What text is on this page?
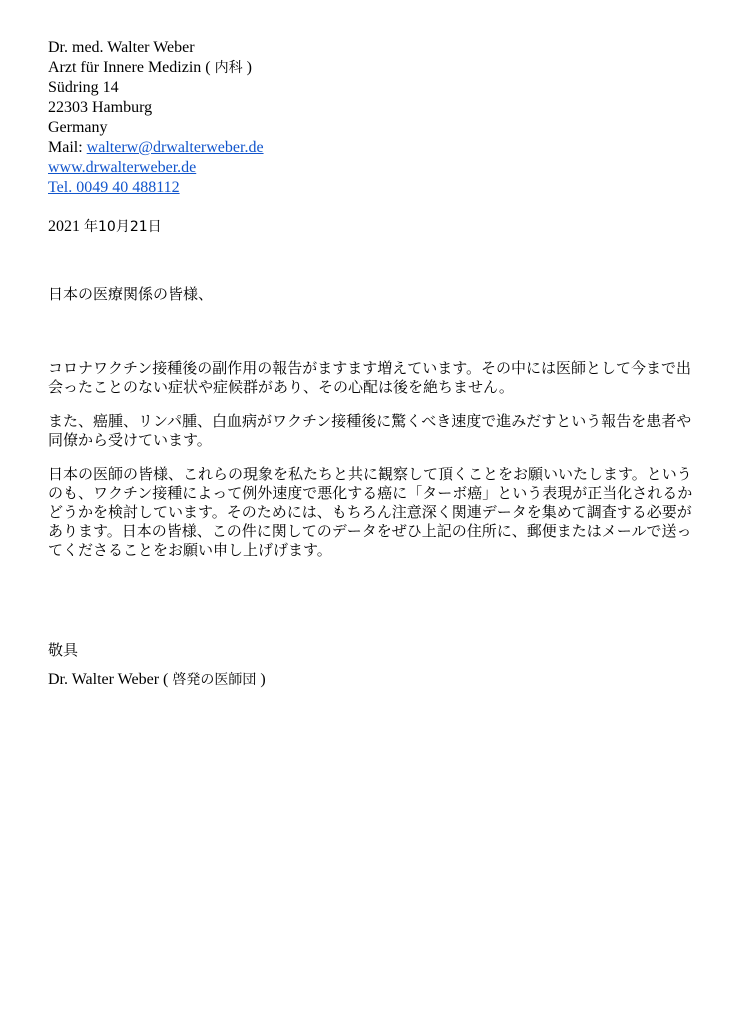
Dr. med. Walter Weber
Arzt für Innere Medizin ( 内科 )
Südring 14
22303 Hamburg
Germany
Mail: walterw@drwalterweber.de
www.drwalterweber.de
Tel. 0049 40 488112
2021 年10月21日
日本の医療関係の皆様、

コロナワクチン接種後の副作用の報告がますます増えています。その中には医師として今まで出会ったことのない症状や症候群があり、その心配は後を絶ちません。

また、癌腫、リンパ腫、白血病がワクチン接種後に驚くべき速度で進みだすという報告を患者や同僚から受けています。

日本の医師の皆様、これらの現象を私たちと共に観察して頂くことをお願いいたします。というのも、ワクチン接種によって例外速度で悪化する癌に「ターボ癌」という表現が正当化されるかどうかを検討しています。そのためには、もちろん注意深く関連データを集めて調査する必要があります。日本の皆様、この件に関してのデータをぜひ上記の住所に、郵便またはメールで送ってくださることをお願い申し上げげます。

敬具
Dr. Walter Weber ( 啓発の医師団 )
